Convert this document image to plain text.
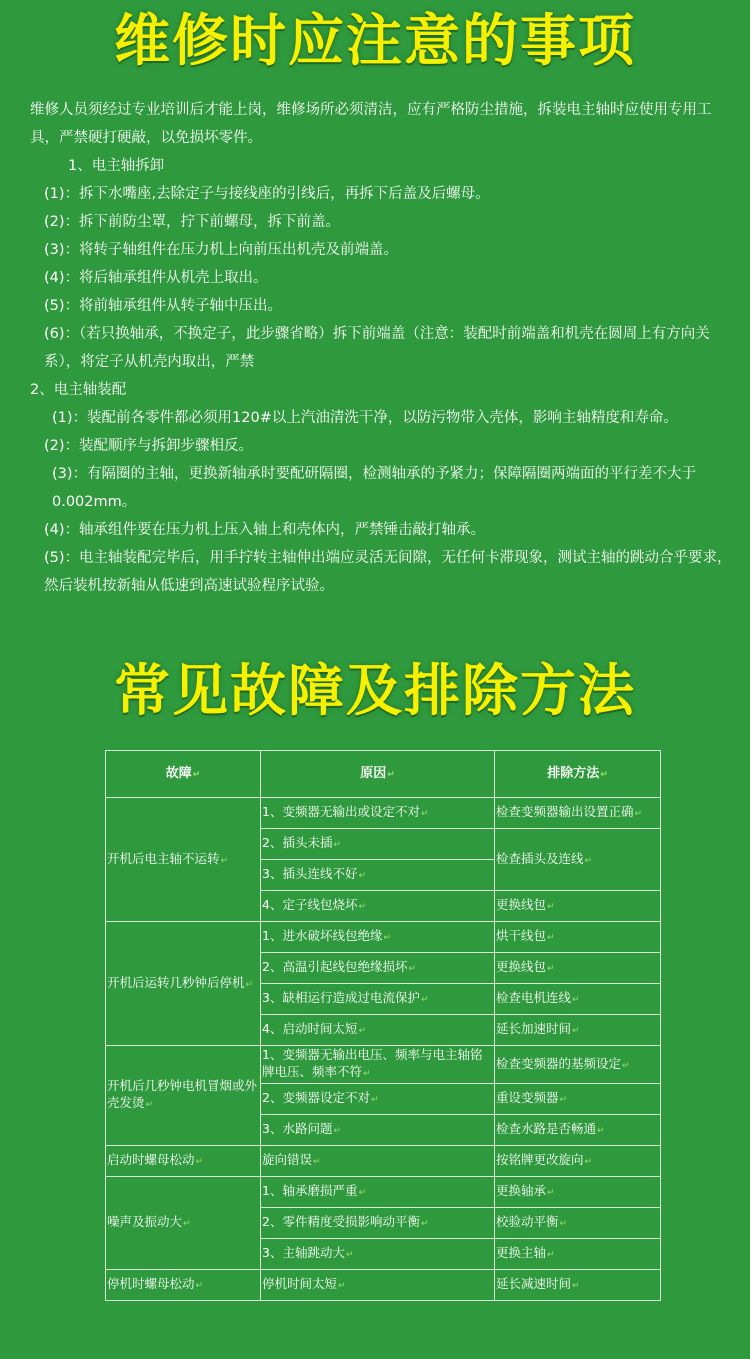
维修时应注意的事项

维修人员须经过专业培训后才能上岗，维修场所必须清洁，应有严格防尘措施，拆装电主轴时应使用专用工具，严禁硬打硬敲，以免损坏零件。

1、电主轴拆卸

(1)：拆下水嘴座,去除定子与接线座的引线后，再拆下后盖及后螺母。

(2)：拆下前防尘罩，拧下前螺母，拆下前盖。

(3)：将转子轴组件在压力机上向前压出机壳及前端盖。

(4)：将后轴承组件从机壳上取出。

(5)：将前轴承组件从转子轴中压出。

(6)：（若只换轴承，不换定子，此步骤省略）拆下前端盖（注意：装配时前端盖和机壳在圆周上有方向关系），将定子从机壳内取出，严禁

2、电主轴装配

(1)：装配前各零件都必须用120#以上汽油清洗干净，以防污物带入壳体，影响主轴精度和寿命。

(2)：装配顺序与拆卸步骤相反。

(3)：有隔圈的主轴，更换新轴承时要配研隔圈，检测轴承的予紧力；保障隔圈两端面的平行差不大于0.002mm。

(4)：轴承组件要在压力机上压入轴上和壳体内，严禁锤击敲打轴承。

(5)：电主轴装配完毕后，用手拧转主轴伸出端应灵活无间隙，无任何卡滞现象，测试主轴的跳动合乎要求，然后装机按新轴从低速到高速试验程序试验。

常见故障及排除方法
故障↵	原因↵	排除方法↵
开机后电主轴不运转↵	1、变频器无输出或设定不对↵	检查变频器输出设置正确↵
	2、插头未插↵	检查插头及连线↵
	3、插头连线不好↵	
	4、定子线包烧坏↵	更换线包↵
开机后运转几秒钟后停机↵	1、进水破坏线包绝缘↵	烘干线包↵
	2、高温引起线包绝缘损坏↵	更换线包↵
	3、缺相运行造成过电流保护↵	检查电机连线↵
	4、启动时间太短↵	延长加速时间↵
开机后几秒钟电机冒烟或外壳发烫↵	1、变频器无输出电压、频率与电主轴铭牌电压、频率不符↵	检查变频器的基频设定↵
	2、变频器设定不对↵	重设变频器↵
	3、水路问题↵	检查水路是否畅通↵
启动时螺母松动↵	旋向错误↵	按铭牌更改旋向↵
噪声及振动大↵	1、轴承磨损严重↵	更换轴承↵
	2、零件精度受损影响动平衡↵	校验动平衡↵
	3、主轴跳动大↵	更换主轴↵
停机时螺母松动↵	停机时间太短↵	延长减速时间↵
